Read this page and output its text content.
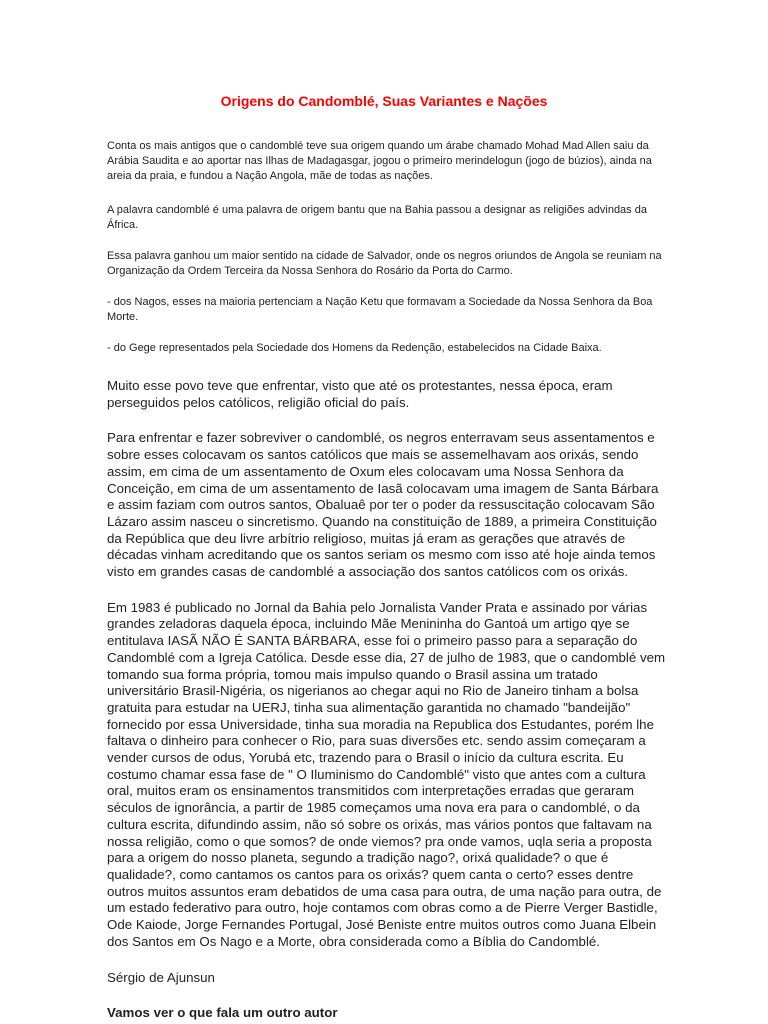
Origens do Candomblé, Suas Variantes e Nações

Conta os mais antigos que o candomblé teve sua origem quando um árabe chamado Mohad Mad Allen saiu da Arábia Saudita e ao aportar nas Ilhas de Madagasgar, jogou o primeiro merindelogun (jogo de búzios), ainda na areia da praia, e fundou a Nação Angola, mãe de todas as nações.

A palavra candomblé é uma palavra de origem bantu que na Bahia passou a designar as religiões advindas da África.

Essa palavra ganhou um maior sentido na cidade de Salvador, onde os negros oriundos de Angola se reuniam na Organização da Ordem Terceira da Nossa Senhora do Rosário da Porta do Carmo.

- dos Nagos, esses na maioria pertenciam a Nação Ketu que formavam a Sociedade da Nossa Senhora da Boa Morte.

- do Gege representados pela Sociedade dos Homens da Redenção, estabelecidos na Cidade Baixa.

Muito esse povo teve que enfrentar, visto que até os protestantes, nessa época, eram perseguidos pelos católicos, religião oficial do país.

Para enfrentar e fazer sobreviver o candomblé, os negros enterravam seus assentamentos e sobre esses colocavam os santos católicos que mais se assemelhavam aos orixás, sendo assim, em cima de um assentamento de Oxum eles colocavam uma Nossa Senhora da Conceição, em cima de um assentamento de Iasã colocavam uma imagem de Santa Bárbara e assim faziam com outros santos, Obaluaê por ter o poder da ressuscitação colocavam São Lázaro assim nasceu o sincretismo. Quando na constituição de 1889, a primeira Constituição da República que deu livre arbítrio religioso, muitas já eram as gerações que através de décadas vinham acreditando que os santos seriam os mesmo com isso até hoje ainda temos visto em grandes casas de candomblé a associação dos santos católicos com os orixás.

Em 1983 é publicado no Jornal da Bahia pelo Jornalista Vander Prata e assinado por várias grandes zeladoras daquela época, incluindo Mãe Menininha do Gantoá um artigo qye se entitulava IASÃ NÃO É SANTA BÁRBARA, esse foi o primeiro passo para a separação do Candomblé com a Igreja Católica. Desde esse dia, 27 de julho de 1983, que o candomblé vem tomando sua forma própria, tomou mais impulso quando o Brasil assina um tratado universitário Brasil-Nigéria, os nigerianos ao chegar aqui no Rio de Janeiro tinham a bolsa gratuita para estudar na UERJ, tinha sua alimentação garantida no chamado "bandeijão" fornecido por essa Universidade, tinha sua moradia na Republica dos Estudantes, porém lhe faltava o dinheiro para conhecer o Rio, para suas diversões etc. sendo assim começaram a vender cursos de odus, Yorubá etc, trazendo para o Brasil o início da cultura escrita. Eu costumo chamar essa fase de " O Iluminismo do Candomblé" visto que antes com a cultura oral, muitos eram os ensinamentos transmitidos com interpretações erradas que geraram séculos de ignorância, a partir de 1985 começamos uma nova era para o candomblé, o da cultura escrita, difundindo assim, não só sobre os orixás, mas vários pontos que faltavam na nossa religião, como o que somos? de onde viemos? pra onde vamos, uqla seria a proposta para a origem do nosso planeta, segundo a tradição nago?, orixá qualidade? o que é qualidade?, como cantamos os cantos para os orixás? quem canta o certo? esses dentre outros muitos assuntos eram debatidos de uma casa para outra, de uma nação para outra, de um estado federativo para outro, hoje contamos com obras como a de Pierre Verger Bastidle, Ode Kaiode, Jorge Fernandes Portugal, José Beniste entre muitos outros como Juana Elbein dos Santos em Os Nago e a Morte, obra considerada como a Bíblia do Candomblé.

Sérgio de Ajunsun

Vamos ver o que fala um outro autor
